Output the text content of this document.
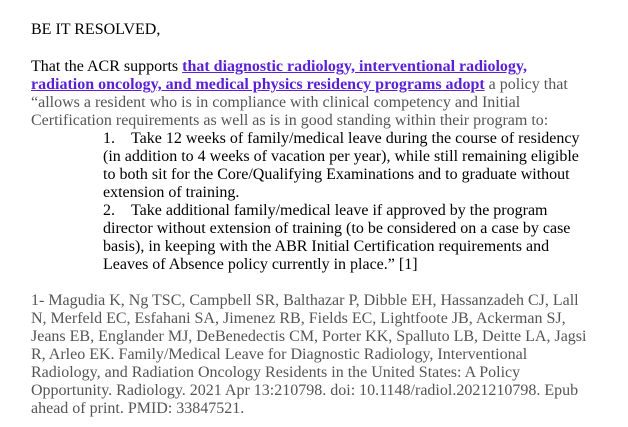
BE IT RESOLVED,

That the ACR supports that diagnostic radiology, interventional radiology, radiation oncology, and medical physics residency programs adopt a policy that “allows a resident who is in compliance with clinical competency and Initial Certification requirements as well as is in good standing within their program to:

1. Take 12 weeks of family/medical leave during the course of residency (in addition to 4 weeks of vacation per year), while still remaining eligible to both sit for the Core/Qualifying Examinations and to graduate without extension of training.
2. Take additional family/medical leave if approved by the program director without extension of training (to be considered on a case by case basis), in keeping with the ABR Initial Certification requirements and Leaves of Absence policy currently in place.” [1]

1- Magudia K, Ng TSC, Campbell SR, Balthazar P, Dibble EH, Hassanzadeh CJ, Lall N, Merfeld EC, Esfahani SA, Jimenez RB, Fields EC, Lightfoote JB, Ackerman SJ, Jeans EB, Englander MJ, DeBenedectis CM, Porter KK, Spalluto LB, Deitte LA, Jagsi R, Arleo EK. Family/Medical Leave for Diagnostic Radiology, Interventional Radiology, and Radiation Oncology Residents in the United States: A Policy Opportunity. Radiology. 2021 Apr 13:210798. doi: 10.1148/radiol.2021210798. Epub ahead of print. PMID: 33847521.
